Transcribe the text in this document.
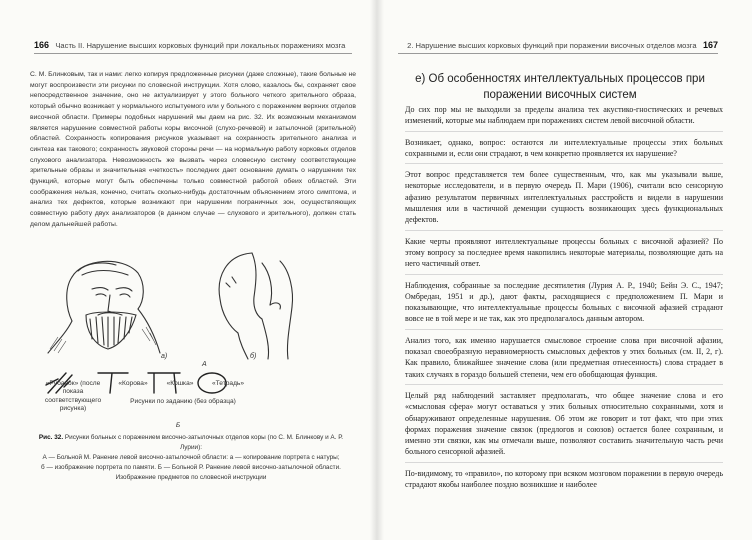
166 Часть II. Нарушение высших корковых функций при локальных поражениях мозга

С. М. Блинковым, так и нами: легко копируя предложенные рисунки (даже сложные), такие больные не могут воспроизвести эти рисунки по словесной инструкции. Хотя слово, казалось бы, сохраняет свое непосредственное значение, оно не актуализирует у этого больного четкого зрительного образа, который обычно возникает у нормального испытуемого или у больного с поражением верхних отделов височной области. Примеры подобных нарушений мы даем на рис. 32. Их возможным механизмом является нарушение совместной работы коры височной (слухо-речевой) и затылочной (зрительной) областей. Сохранность копирования рисунков указывает на сохранность зрительного анализа и синтеза как такового; сохранность звуковой стороны речи — на нормальную работу корковых отделов слухового анализатора. Невозможность же вызвать через словесную систему соответствующие зрительные образы и значительная «четкость» последних дает основание думать о нарушении тех функций, которые могут быть обеспечены только совместной работой обеих областей. Эти соображения нельзя, конечно, считать сколько-нибудь достаточным объяснением этого симптома, и анализ тех дефектов, которые возникают при нарушении пограничных зон, осуществляющих совместную работу двух анализаторов (в данном случае — слухового и зрительного), должен стать делом дальнейшей работы.

а)	б)
А
«Рубанок» (после показа соответствующего рисунка)
«Корова»	«Кошка»	«Тетрадь»
Рисунки по заданию (без образца)
Б
Рис. 32. Рисунки больных с поражением височно-затылочных отделов коры (по С. М. Блинкову и А. Р. Лурии):
А — Больной М. Ранение левой височно-затылочной области: а — копирование портрета с натуры;
б — изображение портрета по памяти. Б — Больной Р. Ранение левой височно-затылочной области.
Изображение предметов по словесной инструкции
2. Нарушение высших корковых функций при поражении височных отделов мозга 167
е) Об особенностях интеллектуальных процессов при поражении височных систем

До сих пор мы не выходили за пределы анализа тех акустико-гностических и речевых изменений, которые мы наблюдаем при поражениях систем левой височной области.

Возникает, однако, вопрос: остаются ли интеллектуальные процессы этих больных сохранными и, если они страдают, в чем конкретно проявляется их нарушение?

Этот вопрос представляется тем более существенным, что, как мы указывали выше, некоторые исследователи, и в первую очередь П. Мари (1906), считали всю сенсорную афазию результатом первичных интеллектуальных расстройств и видели в нарушении мышления или в частичной деменции сущность возникающих здесь функциональных дефектов.

Какие черты проявляют интеллектуальные процессы больных с височной афазией? По этому вопросу за последнее время накопились некоторые материалы, позволяющие дать на него частичный ответ.

Наблюдения, собранные за последние десятилетия (Лурия А. Р., 1940; Бейн Э. С., 1947; Омбредан, 1951 и др.), дают факты, расходящиеся с предположением П. Мари и показывающие, что интеллектуальные процессы больных с височной афазией страдают вовсе не в той мере и не так, как это предполагалось данным автором.

Анализ того, как именно нарушается смысловое строение слова при височной афазии, показал своеобразную неравномерность смысловых дефектов у этих больных (см. II, 2, г). Как правило, ближайшее значение слова (или предметная отнесенность) слова страдает в таких случаях в гораздо большей степени, чем его обобщающая функция.

Целый ряд наблюдений заставляет предполагать, что общее значение слова и его «смысловая сфера» могут оставаться у этих больных относительно сохранными, хотя и обнаруживают определенные нарушения. Об этом же говорит и тот факт, что при этих формах поражения значение связок (предлогов и союзов) остается более сохранным, и именно эти связки, как мы отмечали выше, позволяют составить значительную часть речи больного сенсорной афазией.

По-видимому, то «правило», по которому при всяком мозговом поражении в первую очередь страдают якобы наиболее поздно возникшие и наиболее
